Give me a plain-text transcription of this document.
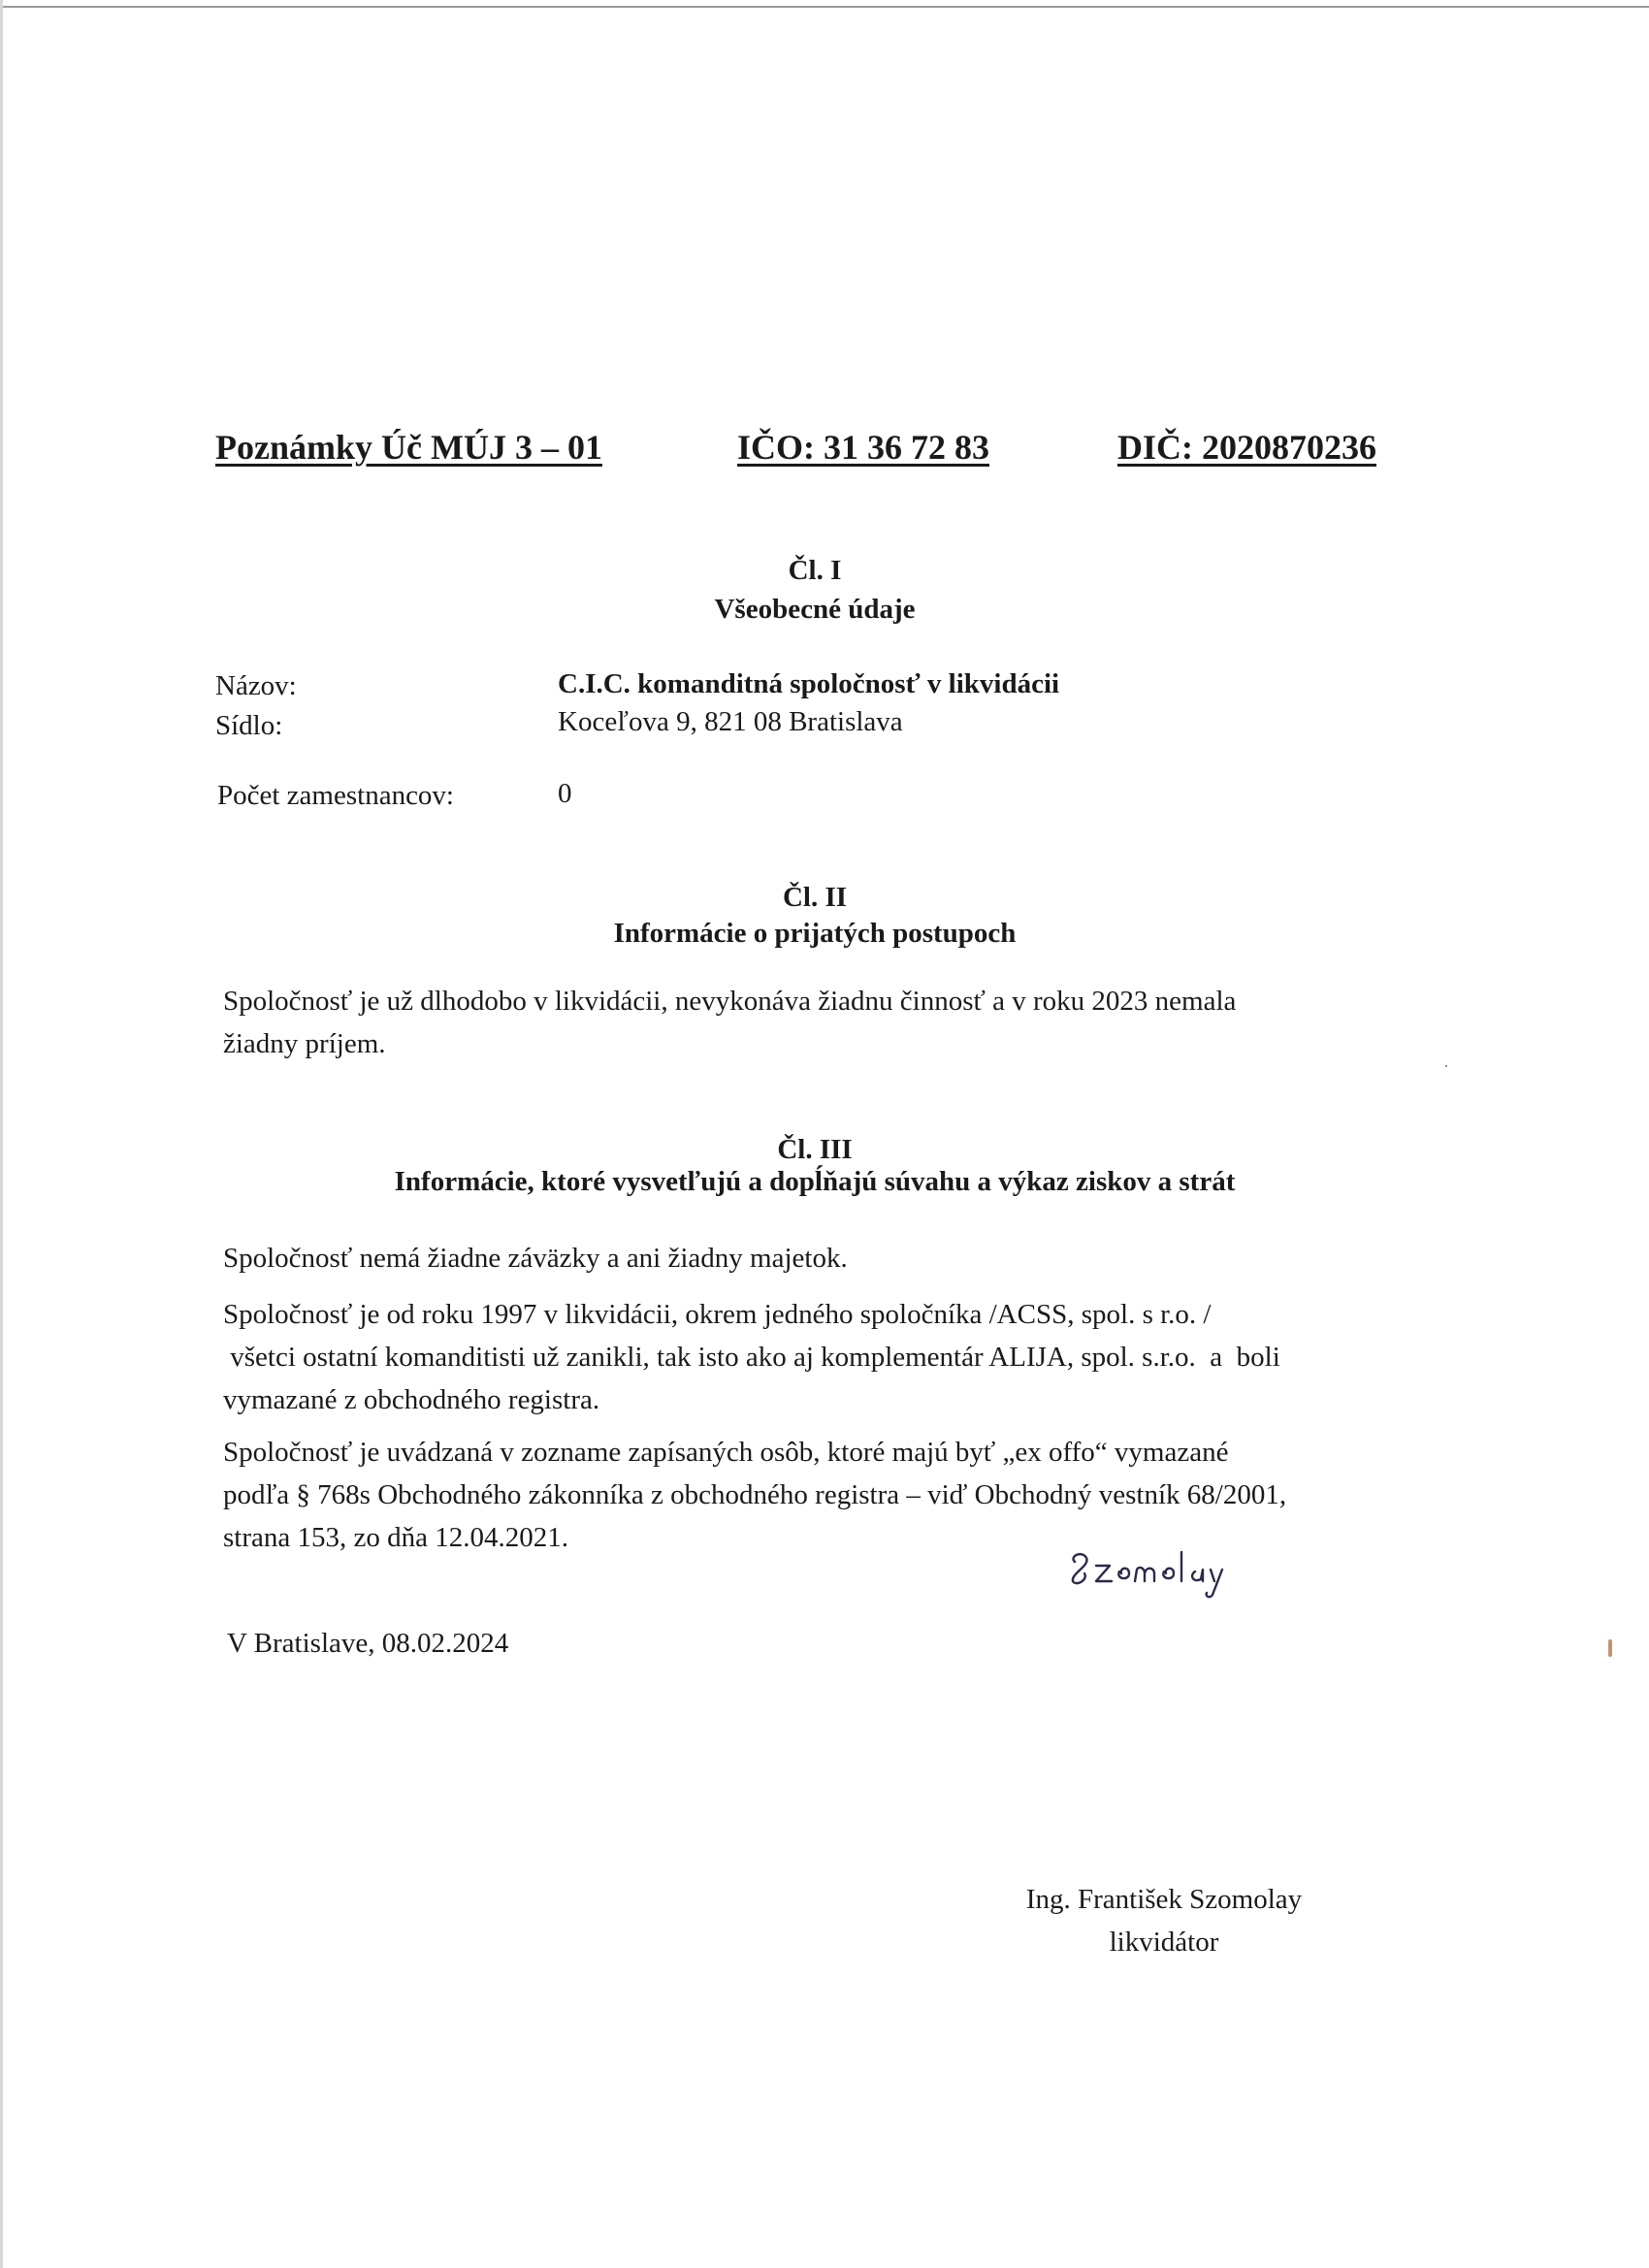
Poznámky Úč MÚJ 3 – 01	IČO: 31 36 72 83	DIČ: 2020870236
Čl. I
Všeobecné údaje
Názov:	C.I.C. komanditná spoločnosť v likvidácii
Sídlo:	Koceľova 9, 821 08 Bratislava
Počet zamestnancov:	0
Čl. II
Informácie o prijatých postupoch
Spoločnosť je už dlhodobo v likvidácii, nevykonáva žiadnu činnosť a v roku 2023 nemala
žiadny príjem.
Čl. III
Informácie, ktoré vysvetľujú a dopĺňajú súvahu a výkaz ziskov a strát
Spoločnosť nemá žiadne záväzky a ani žiadny majetok.
Spoločnosť je od roku 1997 v likvidácii, okrem jedného spoločníka /ACSS, spol. s r.o. /
všetci ostatní komanditisti už zanikli, tak isto ako aj komplementár ALIJA, spol. s.r.o.  a  boli
vymazané z obchodného registra.
Spoločnosť je uvádzaná v zozname zapísaných osôb, ktoré majú byť „ex offo“ vymazané
podľa § 768s Obchodného zákonníka z obchodného registra – viď Obchodný vestník 68/2001,
strana 153, zo dňa 12.04.2021.
V Bratislave, 08.02.2024
Ing. František Szomolay
likvidátor
